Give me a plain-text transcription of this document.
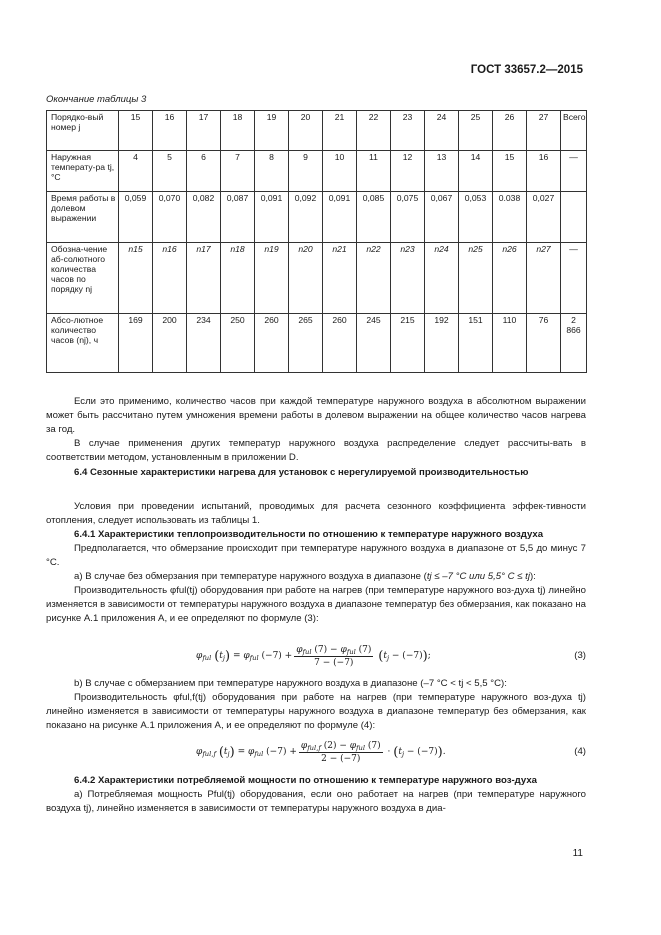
ГОСТ 33657.2—2015
Окончание таблицы 3
Порядко-вый номер j	15	16	17	18	19	20	21	22	23	24	25	26	27	Всего
Наружная температу-ра tj, °C	4	5	6	7	8	9	10	11	12	13	14	15	16	—
Время работы в долевом выражении	0,059	0,070	0,082	0,087	0,091	0,092	0,091	0,085	0,075	0,067	0,053	0.038	0,027	
Обозна-чение аб-солютного количества часов по порядку nj	n15	n16	n17	n18	n19	n20	n21	n22	n23	n24	n25	n26	n27	—
Абсо-лютное количество часов (nj), ч	169	200	234	250	260	265	260	245	215	192	151	110	76	2 866

Если это применимо, количество часов при каждой температуре наружного воздуха в абсолютном выражении может быть рассчитано путем умножения времени работы в долевом выражении на общее количество часов нагрева за год.

В случае применения других температур наружного воздуха распределение следует рассчиты-вать в соответствии методом, установленным в приложении D.

6.4 Сезонные характеристики нагрева для установок с нерегулируемой производительностью

Условия при проведении испытаний, проводимых для расчета сезонного коэффициента эффек-тивности отопления, следует использовать из таблицы 1.

6.4.1 Характеристики теплопроизводительности по отношению к температуре наружного воздуха

Предполагается, что обмерзание происходит при температуре наружного воздуха в диапазоне от 5,5 до минус 7 °C.

а) В случае без обмерзания при температуре наружного воздуха в диапазоне (tj ≤ –7 °C или 5,5° C ≤ tj):

Производительность φful(tj) оборудования при работе на нагрев (при температуре наружного воз-духа tj) линейно изменяется в зависимости от температуры наружного воздуха в диапазоне температур без обмерзания, как показано на рисунке А.1 приложения А, и ее определяют по формуле (3):

$\varphi_{ful}$
( $t_j$ ) = $\varphi_{ful}$ $(-7) + \frac{\varphi_{ful} (7) - \varphi_{ful} (7)}{7 - (-7)}$
( $t_j - (-7)$ ) ;	(3)

b) В случае с обмерзанием при температуре наружного воздуха в диапазоне (–7 °C < tj < 5,5 °C):

Производительность φful,f(tj) оборудования при работе на нагрев (при температуре наружного воз-духа tj) линейно изменяется в зависимости от температуры наружного воздуха в диапазоне температур без обмерзания, как показано на рисунке А.1 приложения А, и ее определяют по формуле (4):

$\varphi_{ful,f}$
( $t_j$ ) = $\varphi_{ful}$ $(-7) + \frac{\varphi_{ful,f} (2) - \varphi_{ful} (7)}{2 - (-7)}$ · ( $t_j - (-7)$ ) .	(4)

6.4.2 Характеристики потребляемой мощности по отношению к температуре наружного воз-духа

а) Потребляемая мощность Pful(tj) оборудования, если оно работает на нагрев (при температуре наружного воздуха tj), линейно изменяется в зависимости от температуры наружного воздуха в диа-

11
